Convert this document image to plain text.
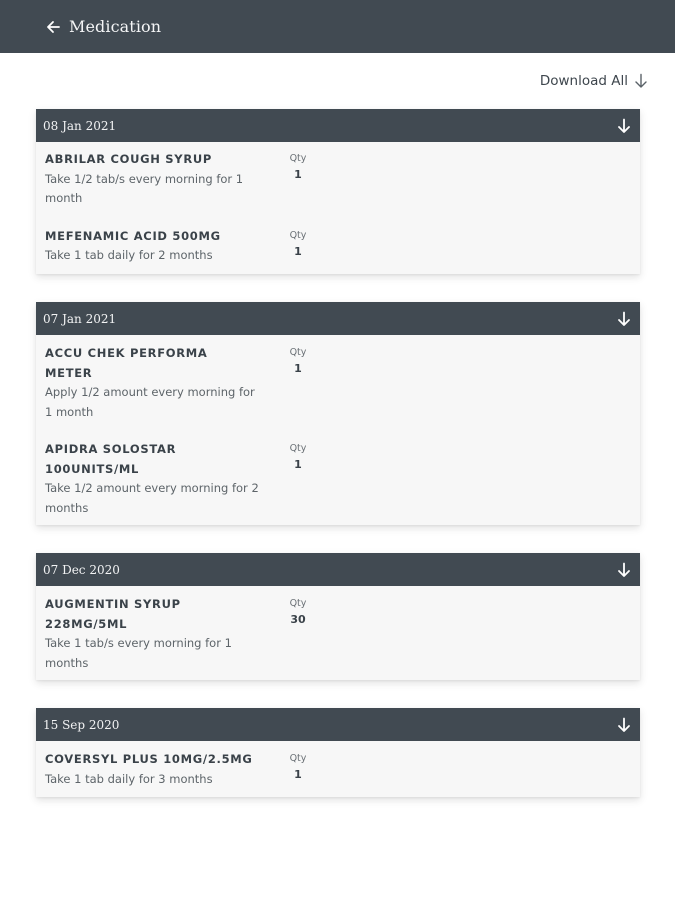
Medication
Download All
08 Jan 2021
ABRILAR COUGH SYRUP
Take 1/2 tab/s every morning for 1 month
Qty
1
MEFENAMIC ACID 500MG
Take 1 tab daily for 2 months
Qty
1
07 Jan 2021
ACCU CHEK PERFORMA METER
Apply 1/2 amount every morning for 1 month
Qty
1
APIDRA SOLOSTAR 100UNITS/ML
Take 1/2 amount every morning for 2 months
Qty
1
07 Dec 2020
AUGMENTIN SYRUP 228MG/5ML
Take 1 tab/s every morning for 1 months
Qty
30
15 Sep 2020
COVERSYL PLUS 10MG/2.5MG
Take 1 tab daily for 3 months
Qty
1
